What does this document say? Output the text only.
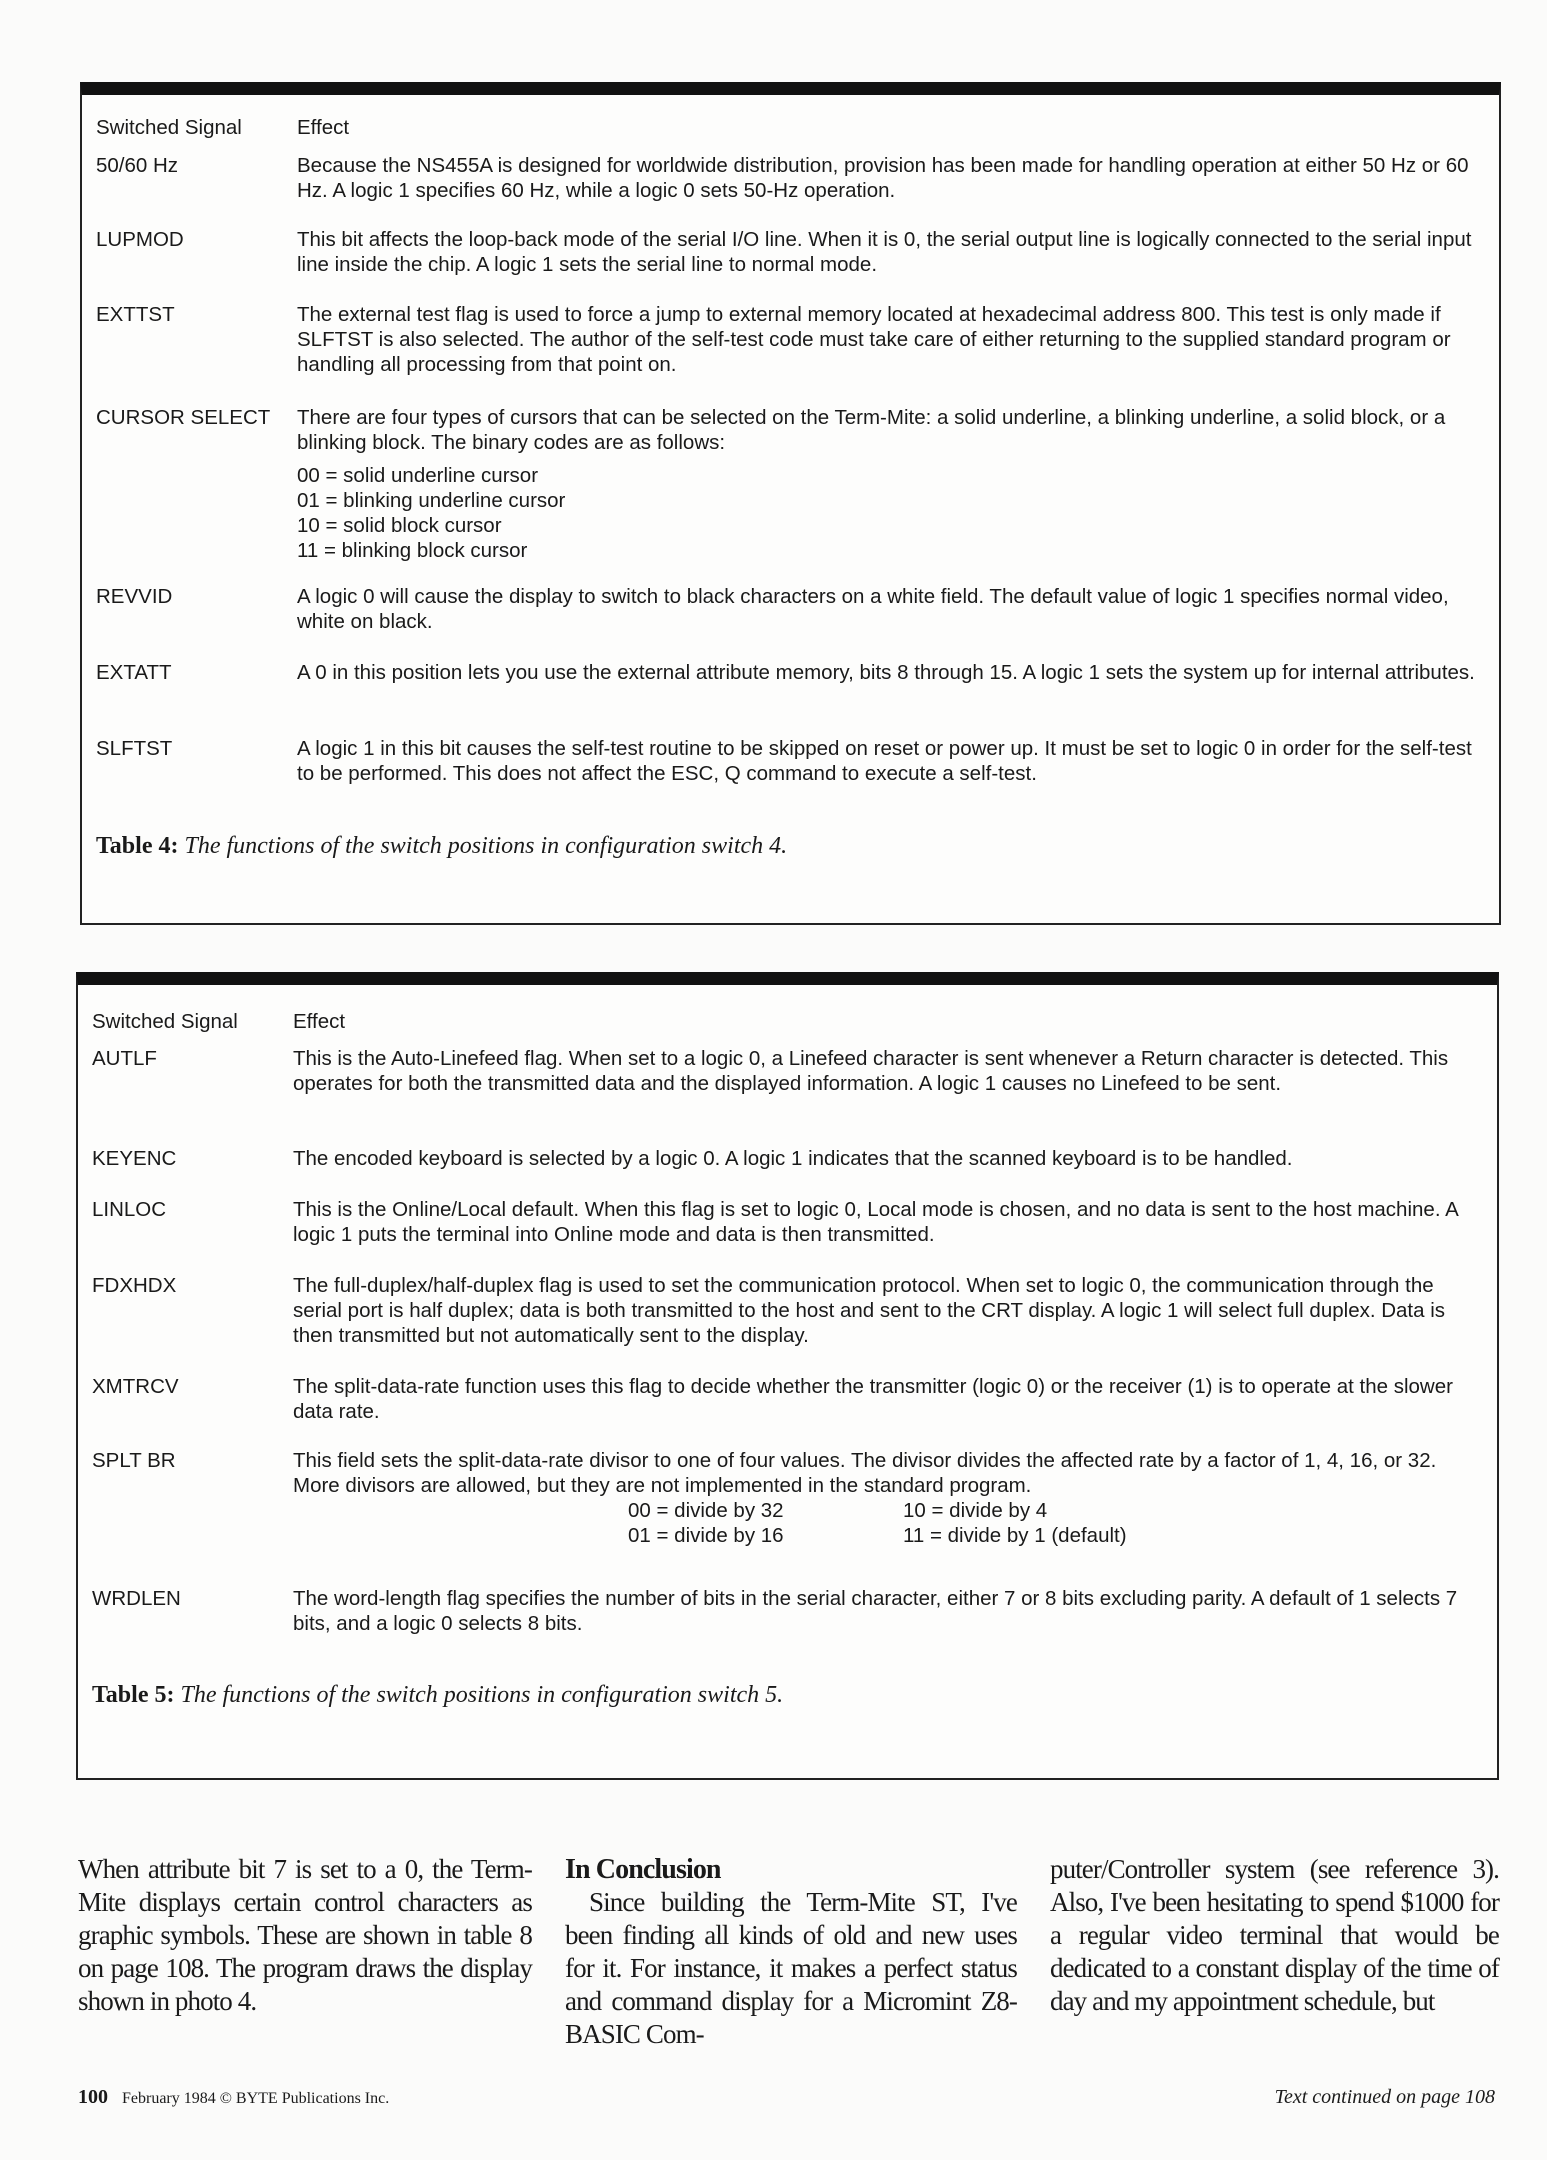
Switched Signal	Effect
50/60 Hz	Because the NS455A is designed for worldwide distribution, provision has been made for handling operation at either 50 Hz or 60 Hz. A logic 1 specifies 60 Hz, while a logic 0 sets 50-Hz operation.
LUPMOD	This bit affects the loop-back mode of the serial I/O line. When it is 0, the serial output line is logically connected to the serial input line inside the chip. A logic 1 sets the serial line to normal mode.
EXTTST	The external test flag is used to force a jump to external memory located at hexadecimal address 800. This test is only made if SLFTST is also selected. The author of the self-test code must take care of either returning to the supplied standard program or handling all processing from that point on.
CURSOR SELECT	There are four types of cursors that can be selected on the Term-Mite: a solid underline, a blinking underline, a solid block, or a blinking block. The binary codes are as follows:
00 = solid underline cursor
01 = blinking underline cursor
10 = solid block cursor
11 = blinking block cursor
REVVID	A logic 0 will cause the display to switch to black characters on a white field. The default value of logic 1 specifies normal video, white on black.
EXTATT	A 0 in this position lets you use the external attribute memory, bits 8 through 15. A logic 1 sets the system up for internal attributes.
SLFTST	A logic 1 in this bit causes the self-test routine to be skipped on reset or power up. It must be set to logic 0 in order for the self-test to be performed. This does not affect the ESC, Q command to execute a self-test.
Table 4: The functions of the switch positions in configuration switch 4.
Switched Signal	Effect
AUTLF	This is the Auto-Linefeed flag. When set to a logic 0, a Linefeed character is sent whenever a Return character is detected. This operates for both the transmitted data and the displayed information. A logic 1 causes no Linefeed to be sent.
KEYENC	The encoded keyboard is selected by a logic 0. A logic 1 indicates that the scanned keyboard is to be handled.
LINLOC	This is the Online/Local default. When this flag is set to logic 0, Local mode is chosen, and no data is sent to the host machine. A logic 1 puts the terminal into Online mode and data is then transmitted.
FDXHDX	The full-duplex/half-duplex flag is used to set the communication protocol. When set to logic 0, the communication through the serial port is half duplex; data is both transmitted to the host and sent to the CRT display. A logic 1 will select full duplex. Data is then transmitted but not automatically sent to the display.
XMTRCV	The split-data-rate function uses this flag to decide whether the transmitter (logic 0) or the receiver (1) is to operate at the slower data rate.
SPLT BR	This field sets the split-data-rate divisor to one of four values. The divisor divides the affected rate by a factor of 1, 4, 16, or 32. More divisors are allowed, but they are not implemented in the standard program.
00 = divide by 32	10 = divide by 4
01 = divide by 16	11 = divide by 1 (default)
WRDLEN	The word-length flag specifies the number of bits in the serial character, either 7 or 8 bits excluding parity. A default of 1 selects 7 bits, and a logic 0 selects 8 bits.
Table 5: The functions of the switch positions in configuration switch 5.

When attribute bit 7 is set to a 0, the Term-Mite displays certain control characters as graphic symbols. These are shown in table 8 on page 108. The program draws the display shown in photo 4.

In Conclusion

Since building the Term-Mite ST, I've been finding all kinds of old and new uses for it. For instance, it makes a perfect status and command display for a Micromint Z8-BASIC Com-

puter/Controller system (see reference 3). Also, I've been hesitating to spend $1000 for a regular video terminal that would be dedicated to a constant display of the time of day and my appointment schedule, but

100 February 1984 © BYTE Publications Inc.	Text continued on page 108
